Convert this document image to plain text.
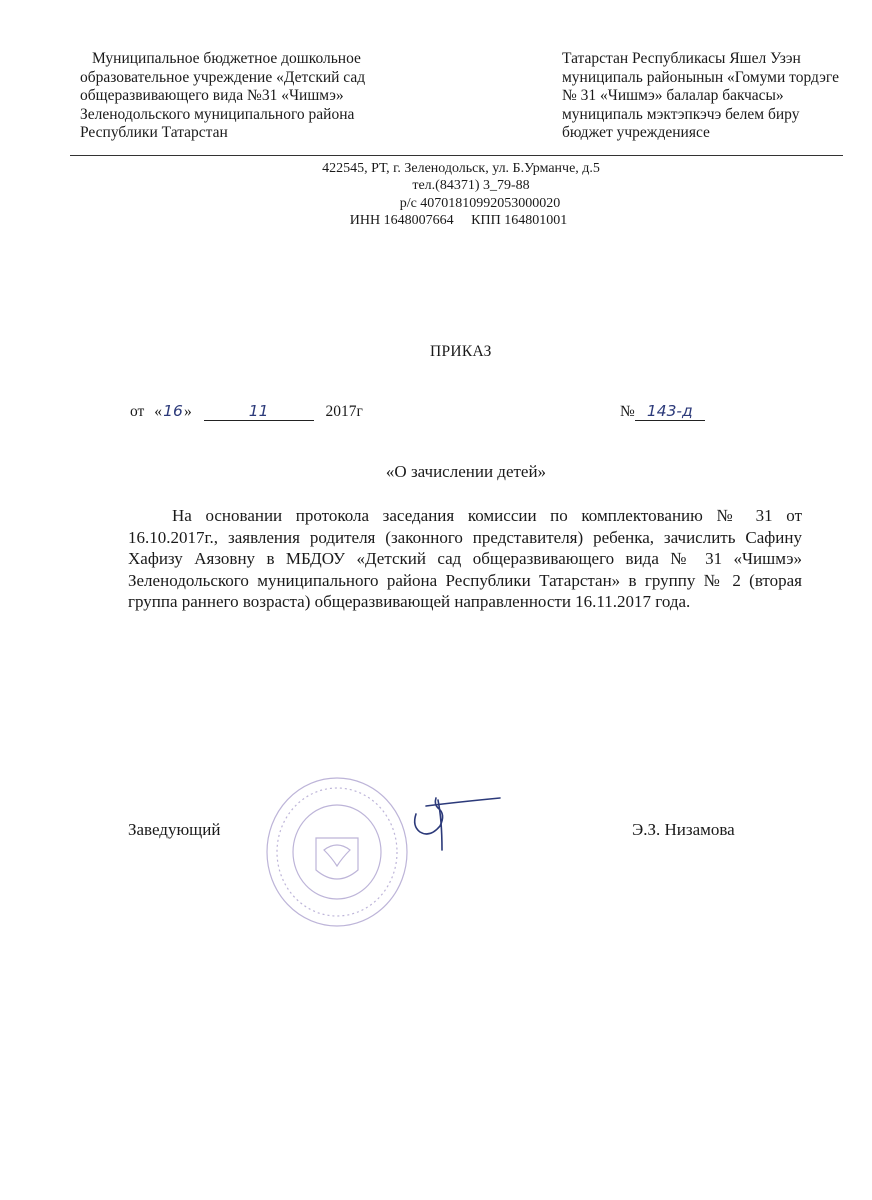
Муниципальное бюджетное дошкольное
образовательное учреждение «Детский сад
общеразвивающего вида №31 «Чишмэ»
Зеленодольского муниципального района
Республики Татарстан
Татарстан Республикасы Яшел Узэн
муниципаль районынын «Гомуми тордэге
№ 31 «Чишмэ» балалар бакчасы»
муниципаль мэктэпкэчэ белем биру
бюджет учреждениясе
422545, РТ, г. Зеленодольск, ул. Б.Урманче, д.5
тел.(84371) 3_79-88
р/с 40701810992053000020
ИНН 1648007664 КПП 164801001
ПРИКАЗ
от «16»	11	2017г	№ 143-д
«О зачислении детей»
На основании протокола заседания комиссии по комплектованию № 31 от 16.10.2017г., заявления родителя (законного представителя) ребенка, зачислить Сафину Хафизу Аязовну в МБДОУ «Детский сад общеразвивающего вида № 31 «Чишмэ» Зеленодольского муниципального района Республики Татарстан» в группу № 2 (вторая группа раннего возраста) общеразвивающей направленности 16.11.2017 года.
Заведующий	Э.З. Низамова
